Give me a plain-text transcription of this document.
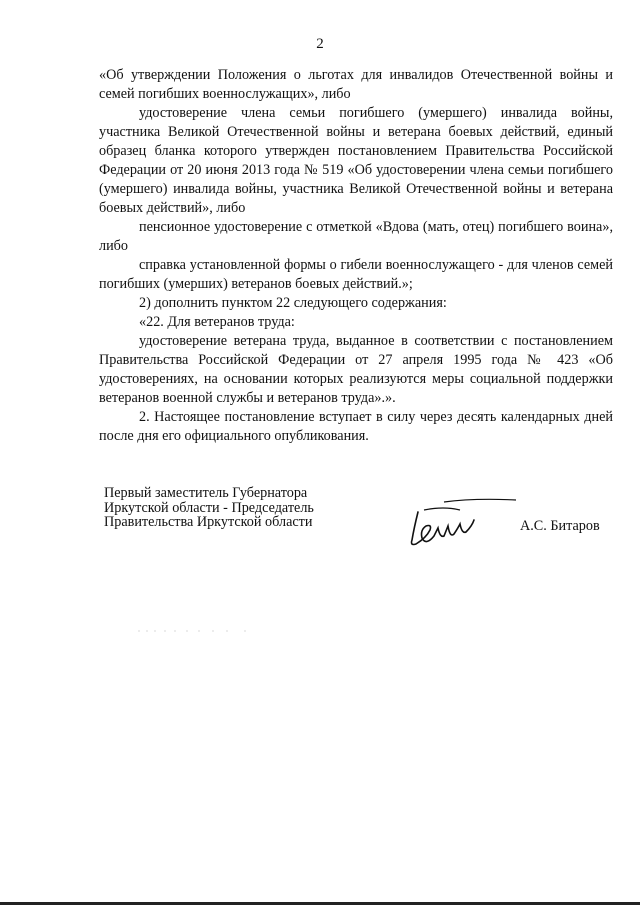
2

«Об утверждении Положения о льготах для инвалидов Отечественной войны и семей погибших военнослужащих», либо

удостоверение члена семьи погибшего (умершего) инвалида войны, участника Великой Отечественной войны и ветерана боевых действий, единый образец бланка которого утвержден постановлением Правительства Российской Федерации от 20 июня 2013 года № 519 «Об удостоверении члена семьи погибшего (умершего) инвалида войны, участника Великой Отечественной войны и ветерана боевых действий», либо

пенсионное удостоверение с отметкой «Вдова (мать, отец) погибшего воина», либо

справка установленной формы о гибели военнослужащего - для членов семей погибших (умерших) ветеранов боевых действий.»;

2) дополнить пунктом 22 следующего содержания:

«22. Для ветеранов труда:

удостоверение ветерана труда, выданное в соответствии с постановлением Правительства Российской Федерации от 27 апреля 1995 года № 423 «Об удостоверениях, на основании которых реализуются меры социальной поддержки ветеранов военной службы и ветеранов труда».».

2. Настоящее постановление вступает в силу через десять календарных дней после дня его официального опубликования.

Первый заместитель Губернатора
Иркутской области - Председатель
Правительства Иркутской области	А.С. Битаров
